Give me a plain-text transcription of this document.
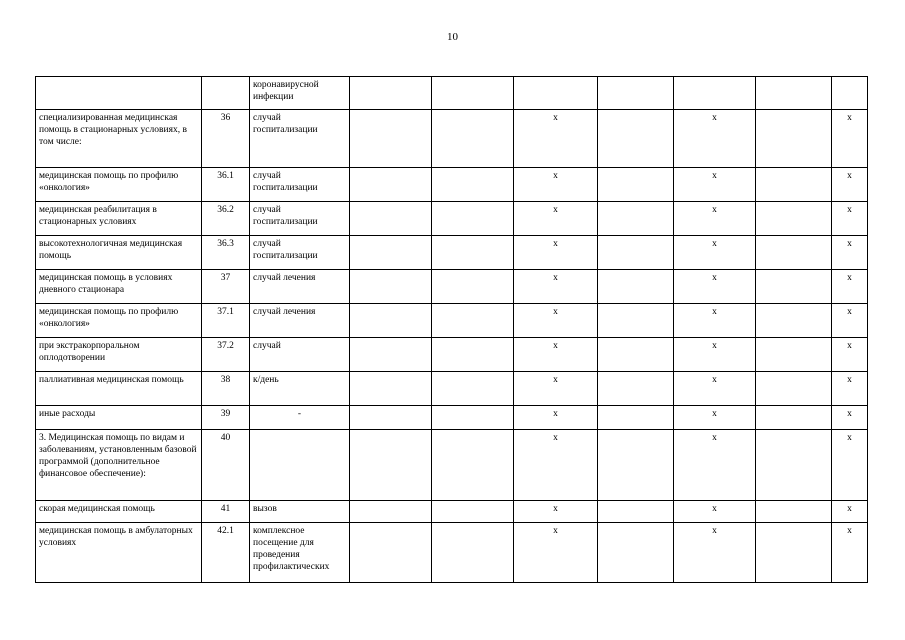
10
		коронавирусной инфекции							
специализированная медицинская помощь в стационарных условиях, в том числе:	36	случай госпитализации			х		х		х
медицинская помощь по профилю «онкология»	36.1	случай госпитализации			х		х		х
медицинская реабилитация в стационарных условиях	36.2	случай госпитализации			х		х		х
высокотехнологичная медицинская помощь	36.3	случай госпитализации			х		х		х
медицинская помощь в условиях дневного стационара	37	случай лечения			х		х		х
медицинская помощь по профилю «онкология»	37.1	случай лечения			х		х		х
при экстракорпоральном оплодотворении	37.2	случай			х		х		х
паллиативная медицинская помощь	38	к/день			х		х		х
иные расходы	39	-			х		х		х
3. Медицинская помощь по видам и заболеваниям, установленным базовой программой (дополнительное финансовое обеспечение):	40				х		х		х
скорая медицинская помощь	41	вызов			х		х		х
медицинская помощь в амбулаторных условиях	42.1	комплексное посещение для проведения профилактических			х		х		х
